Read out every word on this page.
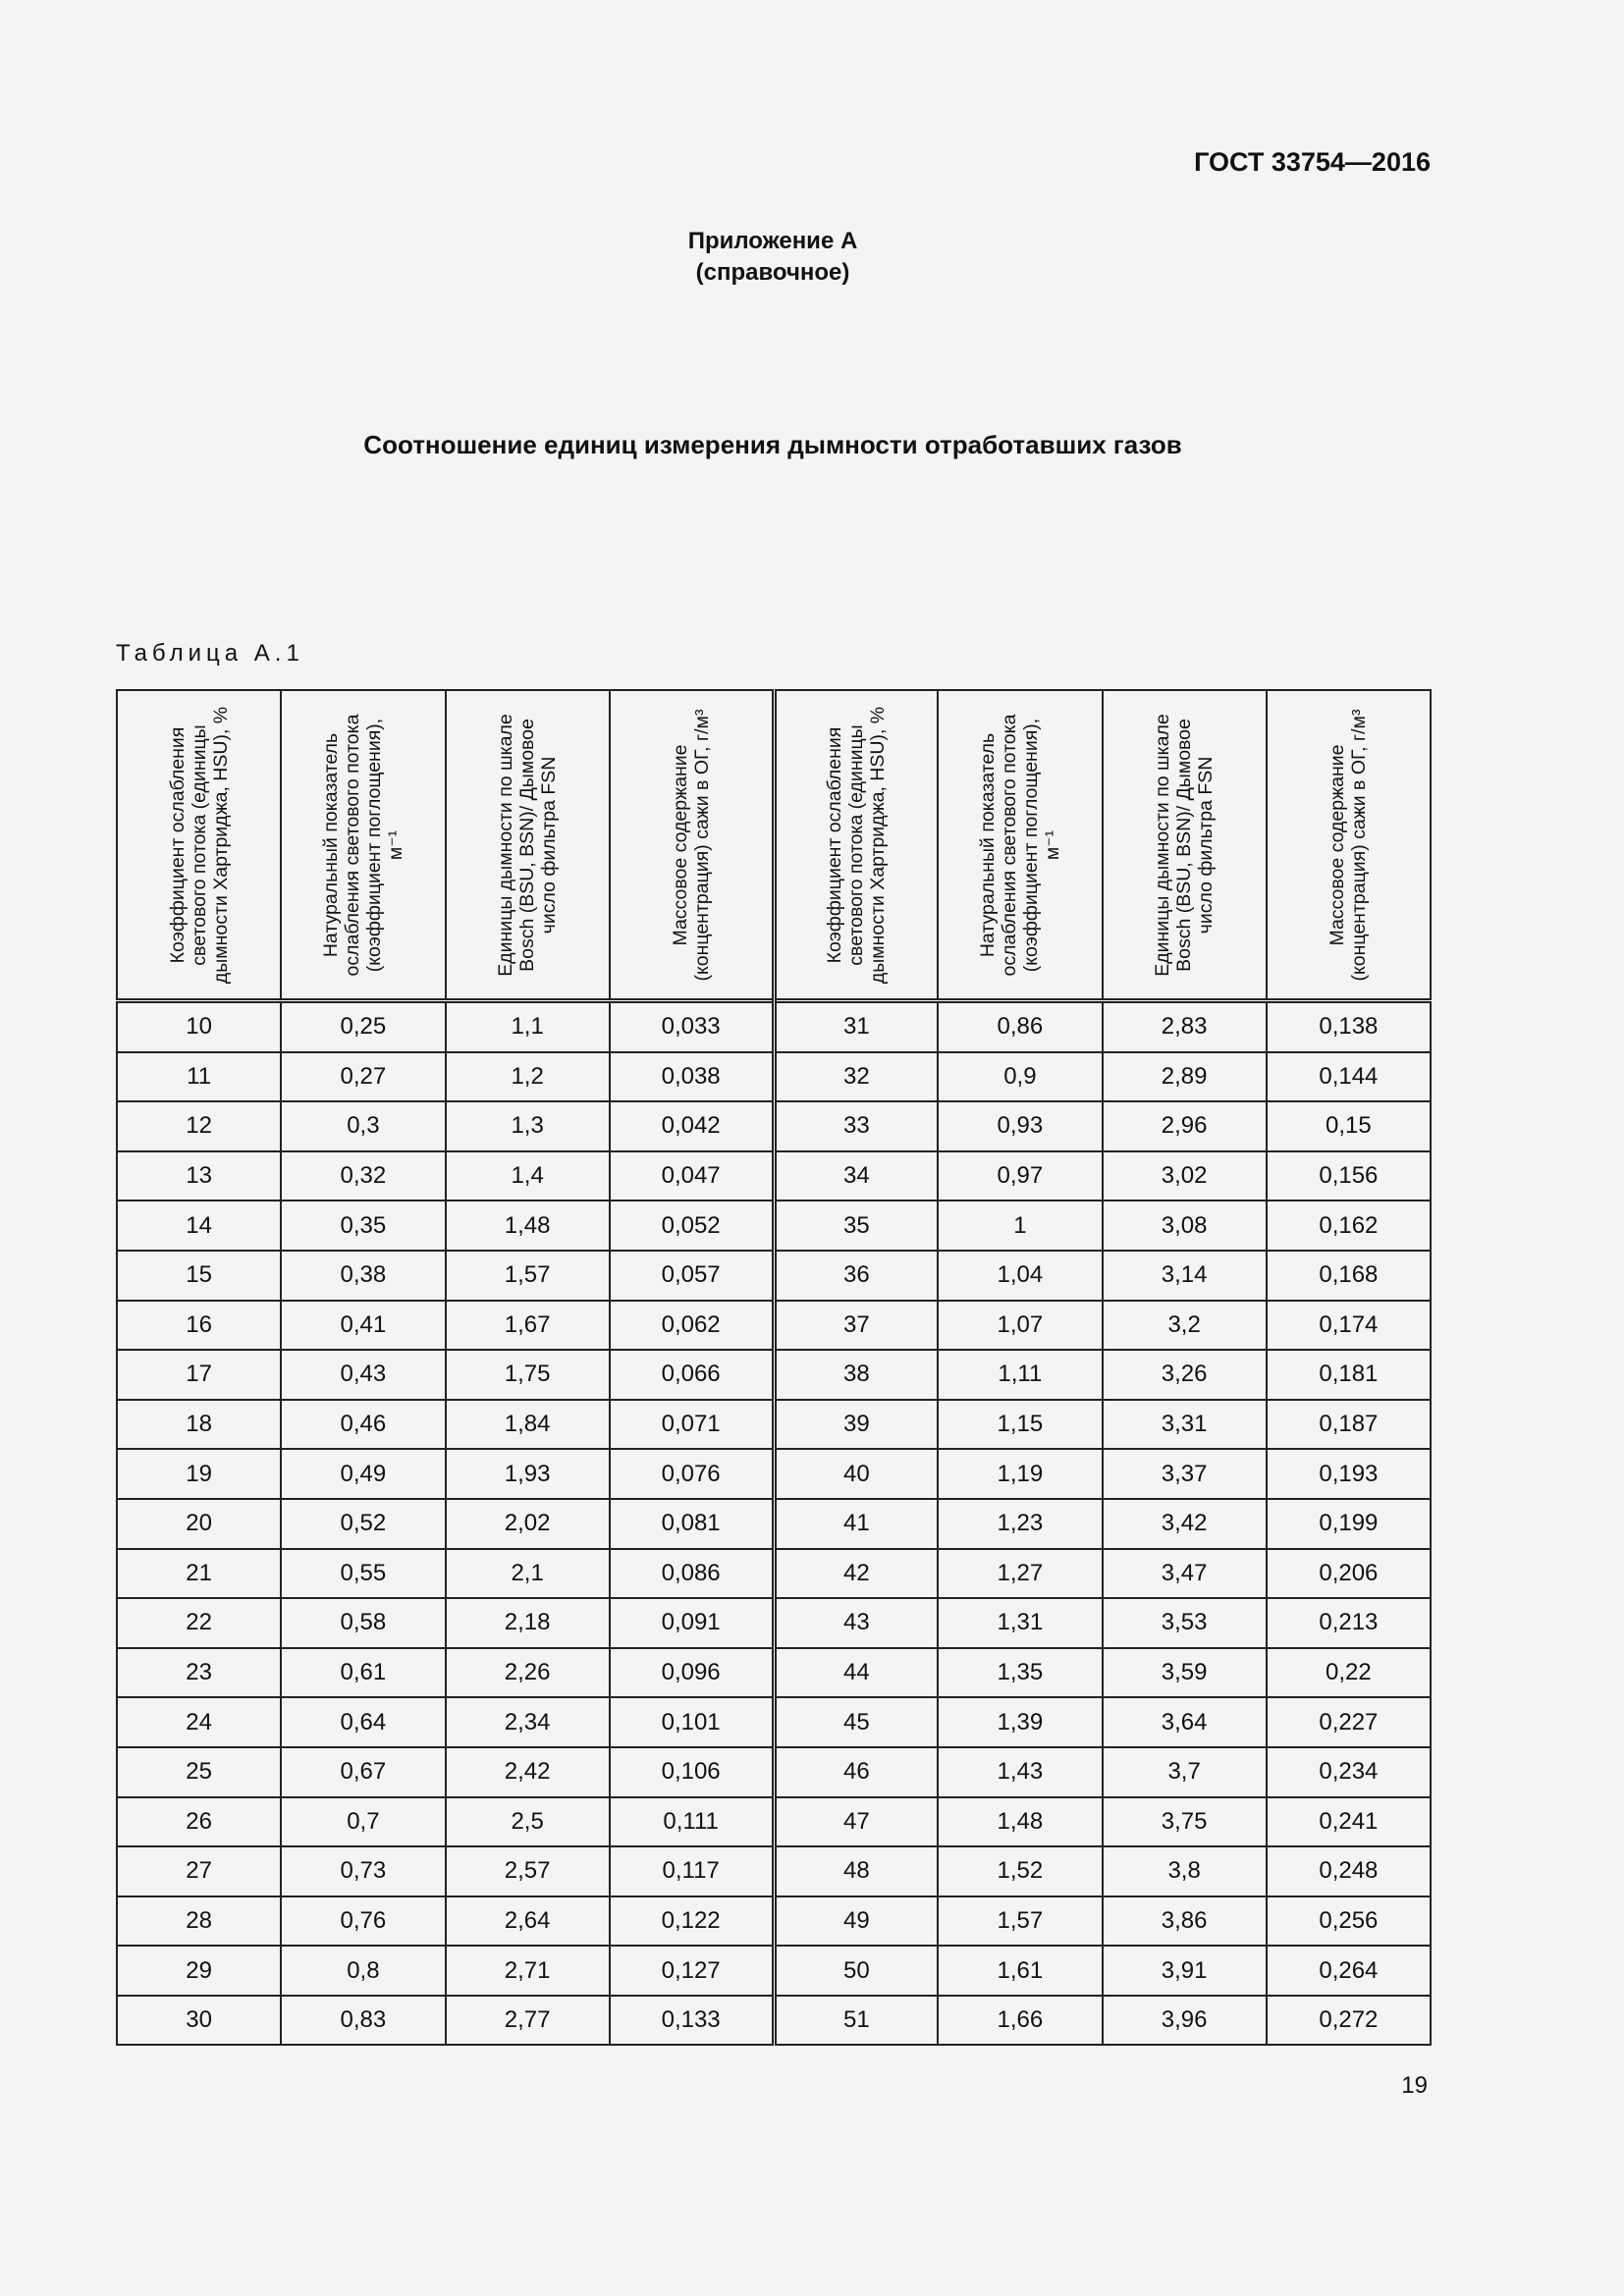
ГОСТ 33754—2016
Приложение А
(справочное)
Соотношение единиц измерения дымности отработавших газов
Таблица А.1
Коэффициент ослабления светового потока (единицы дымности Хартриджа, HSU), %	Натуральный показатель ослабления светового потока (коэффициент поглощения), м⁻¹	Единицы дымности по шкале Bosch (BSU, BSN)/ Дымовое число фильтра FSN	Массовое содержание (концентрация) сажи в ОГ, г/м³	Коэффициент ослабления светового потока (единицы дымности Хартриджа, HSU), %	Натуральный показатель ослабления светового потока (коэффициент поглощения), м⁻¹	Единицы дымности по шкале Bosch (BSU, BSN)/ Дымовое число фильтра FSN	Массовое содержание (концентрация) сажи в ОГ, г/м³

10	0,25	1,1	0,033	31	0,86	2,83	0,138
11	0,27	1,2	0,038	32	0,9	2,89	0,144
12	0,3	1,3	0,042	33	0,93	2,96	0,15
13	0,32	1,4	0,047	34	0,97	3,02	0,156
14	0,35	1,48	0,052	35	1	3,08	0,162
15	0,38	1,57	0,057	36	1,04	3,14	0,168
16	0,41	1,67	0,062	37	1,07	3,2	0,174
17	0,43	1,75	0,066	38	1,11	3,26	0,181
18	0,46	1,84	0,071	39	1,15	3,31	0,187
19	0,49	1,93	0,076	40	1,19	3,37	0,193
20	0,52	2,02	0,081	41	1,23	3,42	0,199
21	0,55	2,1	0,086	42	1,27	3,47	0,206
22	0,58	2,18	0,091	43	1,31	3,53	0,213
23	0,61	2,26	0,096	44	1,35	3,59	0,22
24	0,64	2,34	0,101	45	1,39	3,64	0,227
25	0,67	2,42	0,106	46	1,43	3,7	0,234
26	0,7	2,5	0,111	47	1,48	3,75	0,241
27	0,73	2,57	0,117	48	1,52	3,8	0,248
28	0,76	2,64	0,122	49	1,57	3,86	0,256
29	0,8	2,71	0,127	50	1,61	3,91	0,264
30	0,83	2,77	0,133	51	1,66	3,96	0,272
19
